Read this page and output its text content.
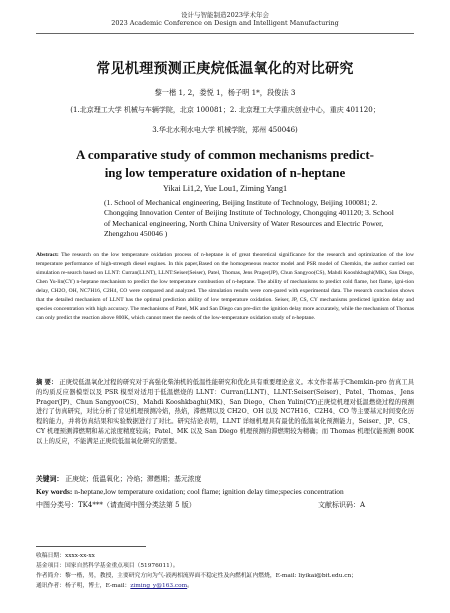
设计与智能制造2023学术年会
2023 Academic Conference on Design and Intelligent Manufacturing
常见机理预测正庚烷低温氧化的对比研究
黎一楷 1, 2，娄悦 1，杨子明 1*，段俊法 3
(1.北京理工大学 机械与车辆学院，北京 100081；2. 北京理工大学重庆创业中心，重庆 401120；
3.华北水利水电大学 机械学院，郑州 450046)
A comparative study of common mechanisms predict-
ing low temperature oxidation of n-heptane
Yikai Li1,2, Yue Lou1, Ziming Yang1
(1. School of Mechanical engineering, Beijing Institute of Technology, Beijing 100081; 2.
Chongqing Innovation Center of Beijing Institute of Technology, Chongqing 401120; 3. School
of Mechanical engineering, North China University of Water Resources and Electric Power,
Zhengzhou 450046 )
Abstract: The research on the low temperature oxidation process of n-heptane is of great theoretical significance for the research and optimization of the low temperature performance of high-strength diesel engines. In this paper,Based on the homogeneous reactor model and PSR model of Chemkin, the author carried out simulation re-search based on LLNT: Curran(LLNT), LLNT:Seiser(Seiser), Patel, Thomas, Jens Prager(JP), Chun Sangyoo(CS), Mahdi Kooshkbaghi(MK), San Diego, Chen Yu-lin(CY) n-heptane mechanism to predict the low temperature combustion of n-heptane. The ability of mechanisms to predict cold flame, hot flame, igni-tion delay, CH2O, OH, NC7H16, C2H4, CO were compared and analyzed. The simulation results were com-pared with experimental data. The research conclusion shows that the detailed mechanism of LLNT has the optimal prediction ability of low temperature oxidation. Seiser, JP, CS, CY mechanisms predicted ignition delay and species concentration with high accuracy. The mechanisms of Patel, MK and San Diego can pre-dict the ignition delay more accurately, while the mechanism of Thomas can only predict the reaction above 800K, which cannot meet the needs of the low-temperature oxidation study of n-heptane.
摘 要： 正庚烷低温氧化过程的研究对于高强化柴油机的低温性能研究和优化具有重要理论意义。本文作者基于Chemkin-pro 仿真工具的均质反应器模型以及 PSR 模型对适用于低温燃烧的 LLNT：Curran(LLNT)、LLNT:Seiser(Seiser)、Patel、Thomas、Jens Prager(JP)、Chun Sangyoo(CS)、Mahdi Kooshkbaghi(MK)、San Diego、Chen Yulin(CY)正庚烷机理对低温燃烧过程的预测进行了仿真研究，对比分析了常见机理预测冷焰，热焰，滞燃期以及 CH2O、OH 以及 NC7H16、C2H4、CO 等主要基元时间变化历程的能力，并将仿真结果和实验数据进行了对比。研究结论表明，LLNT 详细机理具有最优的低温氧化预测能力，Seiser、JP、CS、CY 机理预测滞燃期和基元浓度精度较高；Patel、MK 以及 San Diego 机理预测的滞燃期较为精确；而 Thomas 机理仅能预测 800K 以上的反应，不能满足正庚烷低温氧化研究的需要。
关键词： 正庚烷；低温氧化；冷焰；滞燃期；基元浓度
Key words: n-heptane,low temperature oxidation; cool flame; ignition delay time;species concentration
中图分类号：TK4***（请查阅中图分类法第 5 版）	文献标识码：A
收稿日期：xxxx-xx-xx
基金项目：国家自然科学基金重点项目（51976011）。
作者简介：黎一楷，男，教授，主要研究方向为气-液两相流界面不稳定性及內燃机缸内燃烧，E-mail: liyikai@bit.edu.cn；
通讯作者：杨子明，博士，E-mail：ziming_y@163.com。
